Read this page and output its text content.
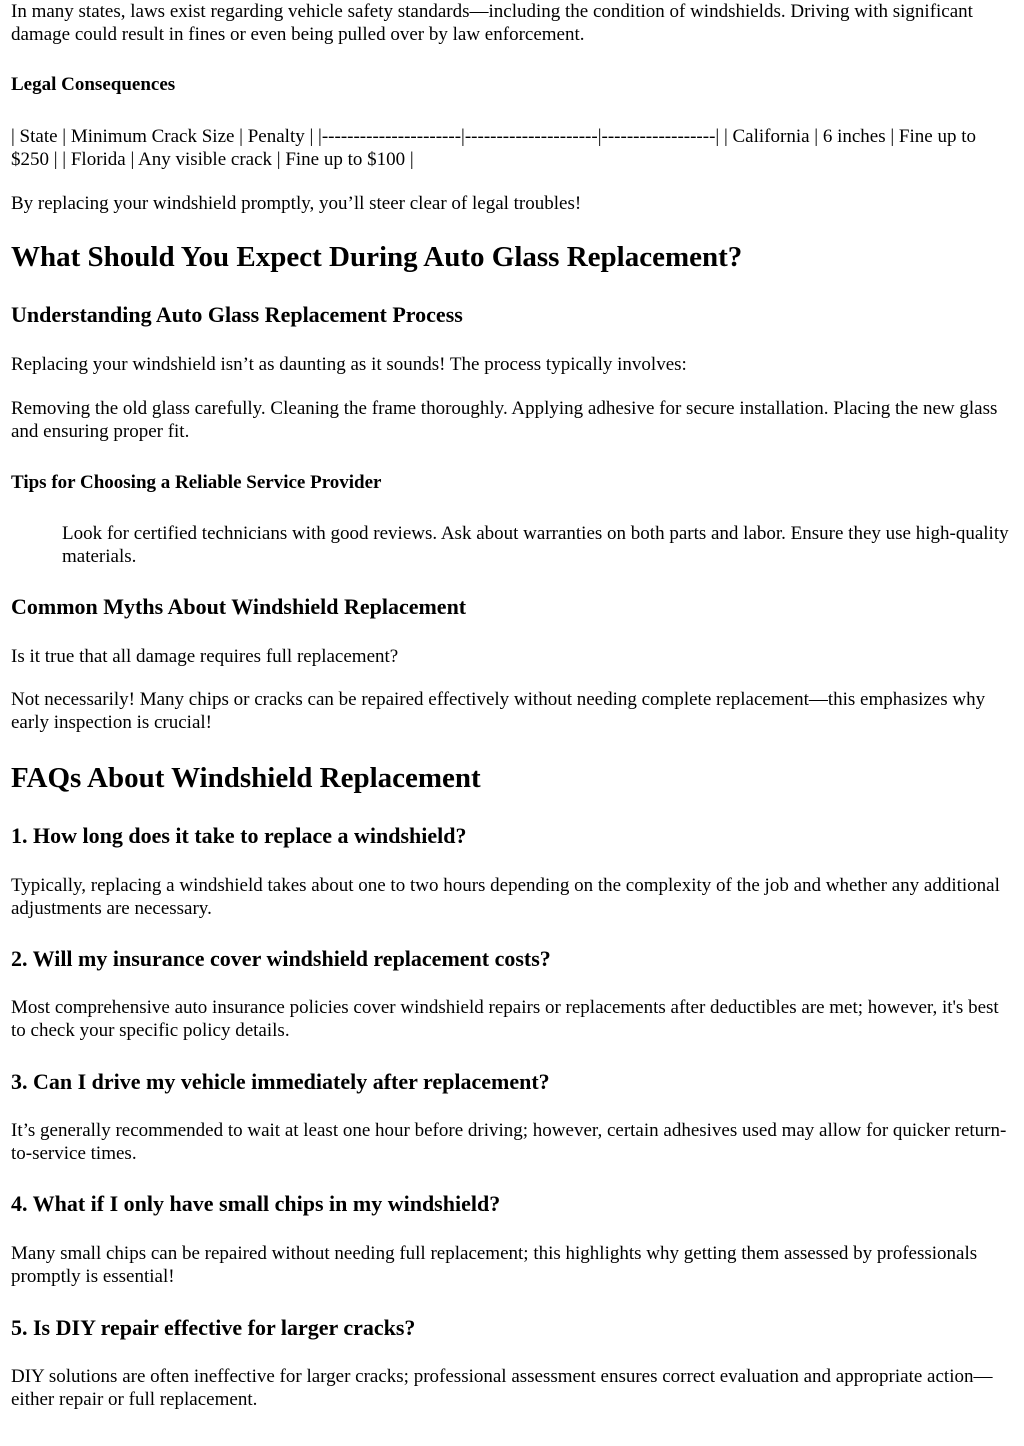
In many states, laws exist regarding vehicle safety standards—including the condition of windshields. Driving with significant damage could result in fines or even being pulled over by law enforcement.

Legal Consequences

| State | Minimum Crack Size | Penalty | |----------------------|---------------------|------------------| | California | 6 inches | Fine up to $250 | | Florida | Any visible crack | Fine up to $100 |

By replacing your windshield promptly, you’ll steer clear of legal troubles!

What Should You Expect During Auto Glass Replacement?
Understanding Auto Glass Replacement Process

Replacing your windshield isn’t as daunting as it sounds! The process typically involves:

Removing the old glass carefully. Cleaning the frame thoroughly. Applying adhesive for secure installation. Placing the new glass and ensuring proper fit.

Tips for Choosing a Reliable Service Provider
Look for certified technicians with good reviews. Ask about warranties on both parts and labor. Ensure they use high-quality materials.
Common Myths About Windshield Replacement

Is it true that all damage requires full replacement?

Not necessarily! Many chips or cracks can be repaired effectively without needing complete replacement—this emphasizes why early inspection is crucial!

FAQs About Windshield Replacement
1. How long does it take to replace a windshield?

Typically, replacing a windshield takes about one to two hours depending on the complexity of the job and whether any additional adjustments are necessary.

2. Will my insurance cover windshield replacement costs?

Most comprehensive auto insurance policies cover windshield repairs or replacements after deductibles are met; however, it's best to check your specific policy details.

3. Can I drive my vehicle immediately after replacement?

It’s generally recommended to wait at least one hour before driving; however, certain adhesives used may allow for quicker return-to-service times.

4. What if I only have small chips in my windshield?

Many small chips can be repaired without needing full replacement; this highlights why getting them assessed by professionals promptly is essential!

5. Is DIY repair effective for larger cracks?

DIY solutions are often ineffective for larger cracks; professional assessment ensures correct evaluation and appropriate action—either repair or full replacement.
